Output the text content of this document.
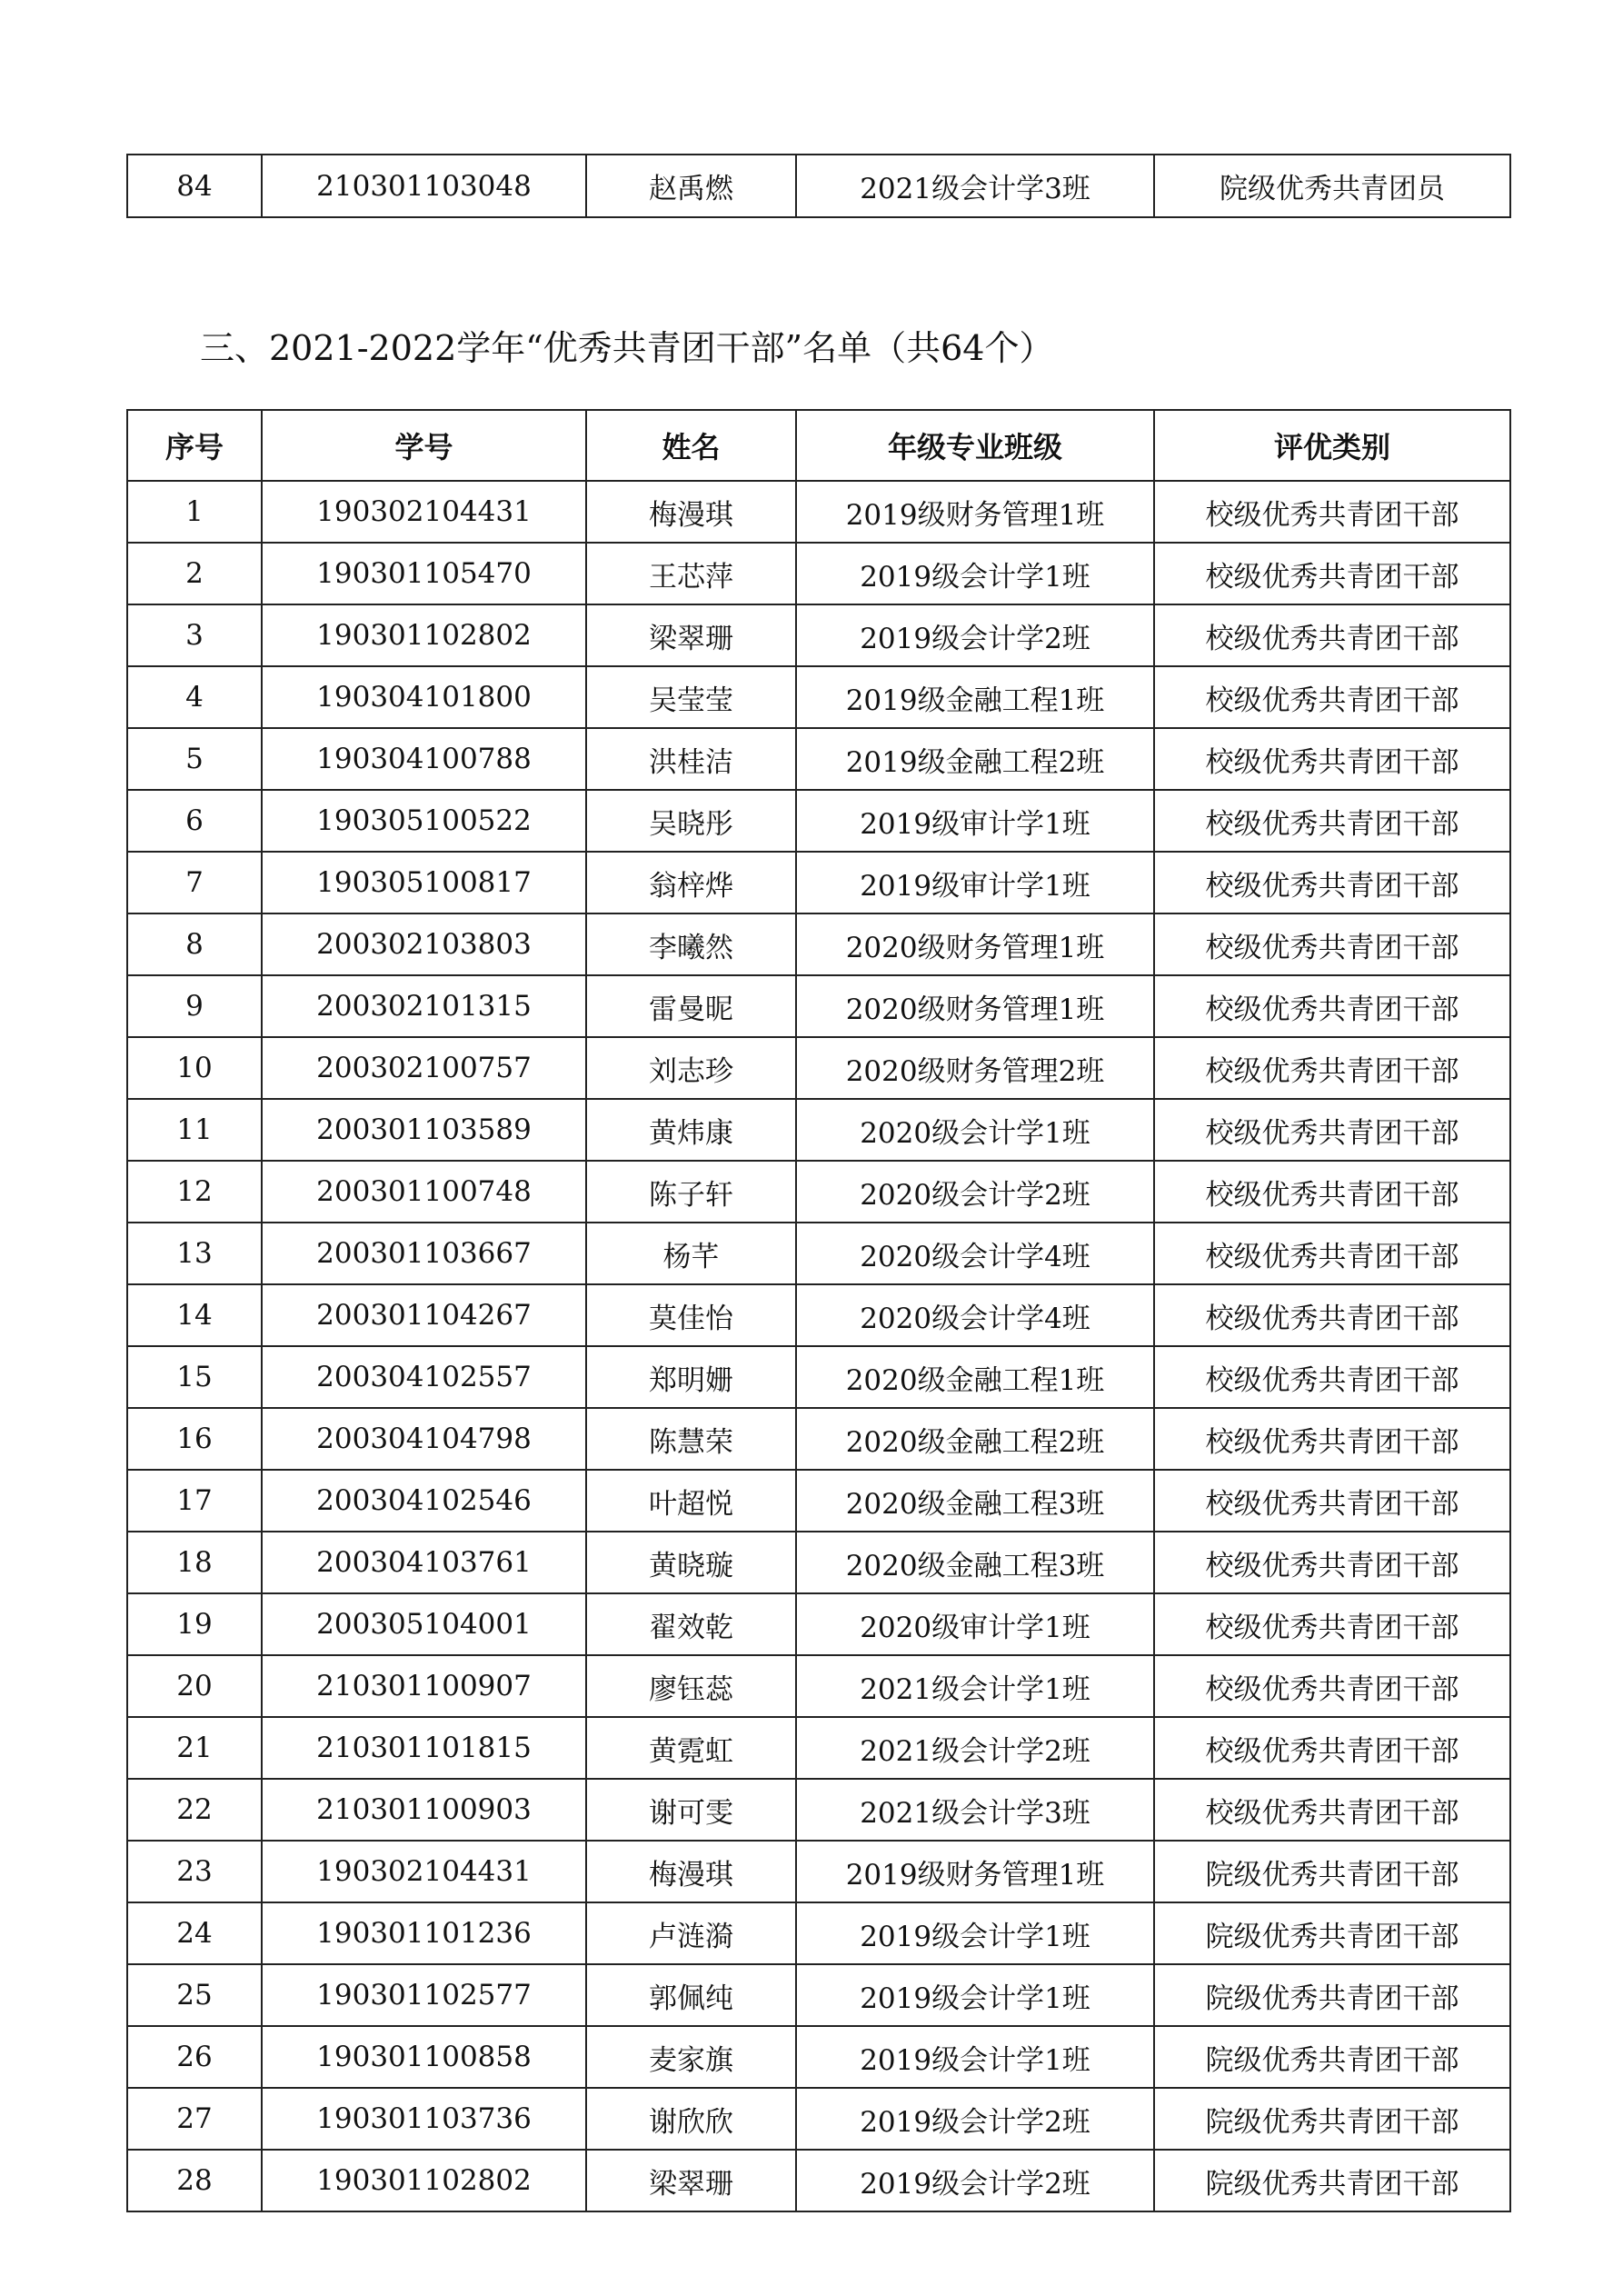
84	210301103048	赵禹燃	2021级会计学3班	院级优秀共青团员
三、2021-2022学年“优秀共青团干部”名单（共64个）
序号	学号	姓名	年级专业班级	评优类别
1	190302104431	梅漫琪	2019级财务管理1班	校级优秀共青团干部
2	190301105470	王芯萍	2019级会计学1班	校级优秀共青团干部
3	190301102802	梁翠珊	2019级会计学2班	校级优秀共青团干部
4	190304101800	吴莹莹	2019级金融工程1班	校级优秀共青团干部
5	190304100788	洪桂洁	2019级金融工程2班	校级优秀共青团干部
6	190305100522	吴晓彤	2019级审计学1班	校级优秀共青团干部
7	190305100817	翁梓烨	2019级审计学1班	校级优秀共青团干部
8	200302103803	李曦然	2020级财务管理1班	校级优秀共青团干部
9	200302101315	雷曼昵	2020级财务管理1班	校级优秀共青团干部
10	200302100757	刘志珍	2020级财务管理2班	校级优秀共青团干部
11	200301103589	黄炜康	2020级会计学1班	校级优秀共青团干部
12	200301100748	陈子轩	2020级会计学2班	校级优秀共青团干部
13	200301103667	杨芊	2020级会计学4班	校级优秀共青团干部
14	200301104267	莫佳怡	2020级会计学4班	校级优秀共青团干部
15	200304102557	郑明姗	2020级金融工程1班	校级优秀共青团干部
16	200304104798	陈慧荣	2020级金融工程2班	校级优秀共青团干部
17	200304102546	叶超悦	2020级金融工程3班	校级优秀共青团干部
18	200304103761	黄晓璇	2020级金融工程3班	校级优秀共青团干部
19	200305104001	翟效乾	2020级审计学1班	校级优秀共青团干部
20	210301100907	廖钰蕊	2021级会计学1班	校级优秀共青团干部
21	210301101815	黄霓虹	2021级会计学2班	校级优秀共青团干部
22	210301100903	谢可雯	2021级会计学3班	校级优秀共青团干部
23	190302104431	梅漫琪	2019级财务管理1班	院级优秀共青团干部
24	190301101236	卢涟漪	2019级会计学1班	院级优秀共青团干部
25	190301102577	郭佩纯	2019级会计学1班	院级优秀共青团干部
26	190301100858	麦家旗	2019级会计学1班	院级优秀共青团干部
27	190301103736	谢欣欣	2019级会计学2班	院级优秀共青团干部
28	190301102802	梁翠珊	2019级会计学2班	院级优秀共青团干部
